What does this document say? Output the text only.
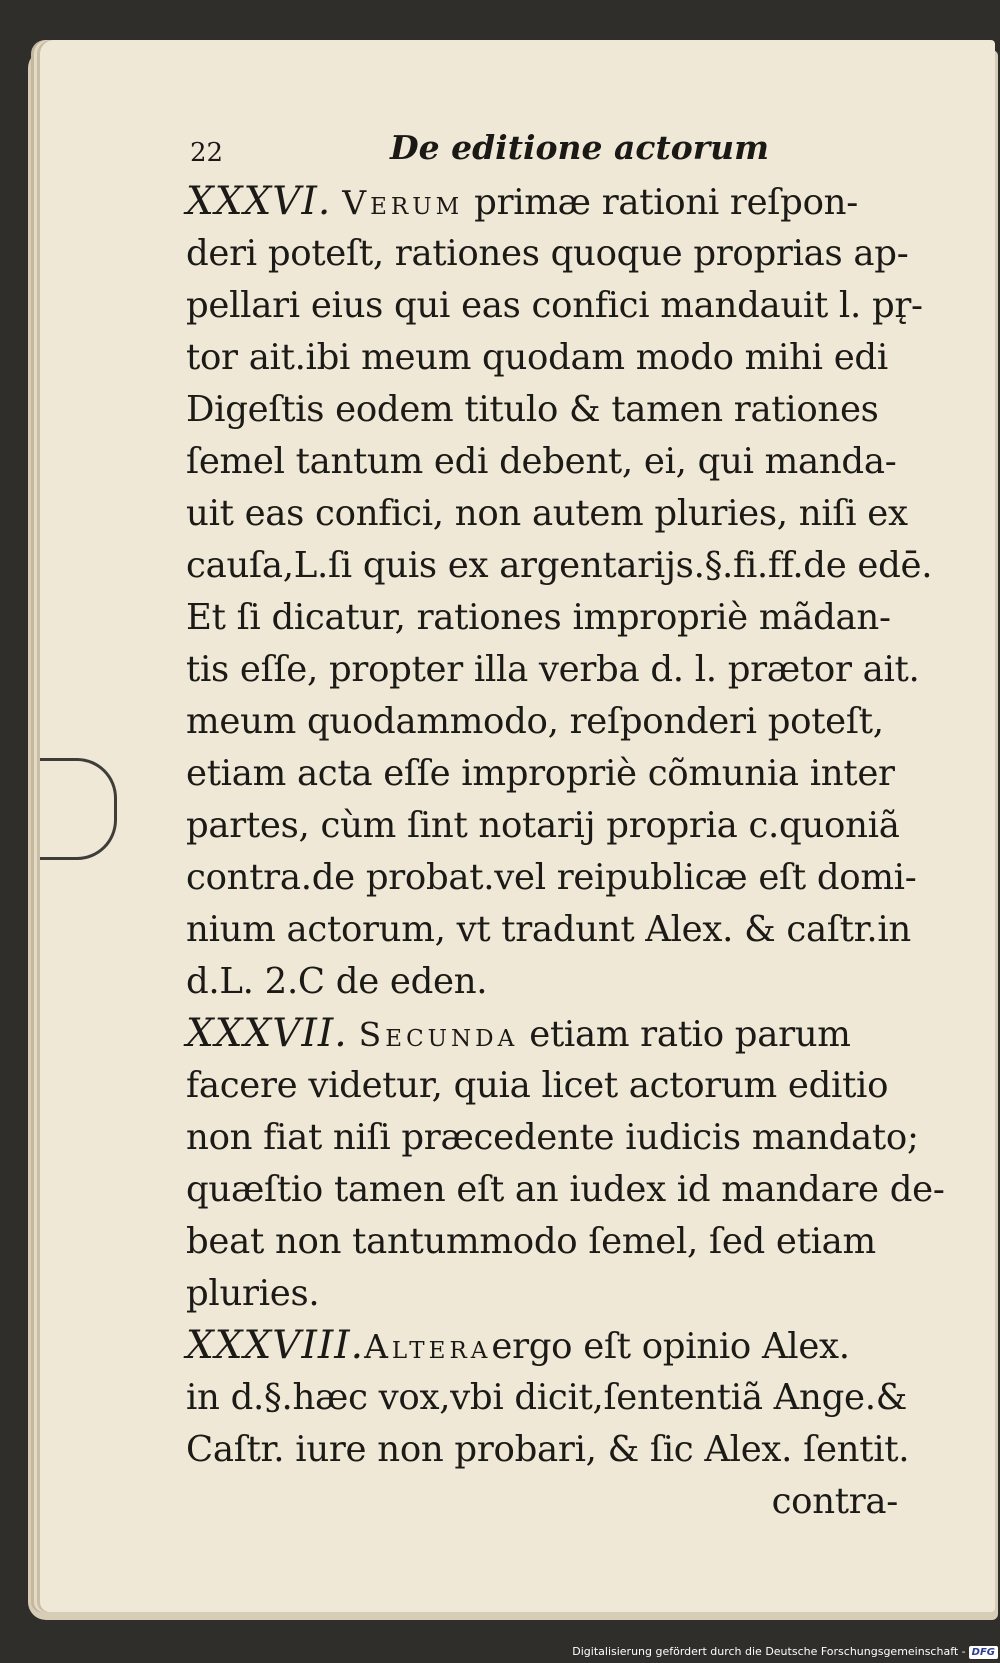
22	De editione actorum
XXXVI. Verum primæ rationi reſpon-
deri poteſt, rationes quoque proprias ap-
pellari eius qui eas confici mandauit l. pr̨-
tor ait.ibi meum quodam modo mihi edi
Digeſtis eodem titulo & tamen rationes
ſemel tantum edi debent, ei, qui manda-
uit eas confici, non autem pluries, niſi ex
cauſa,L.ſi quis ex argentarijs.§.fi.ff.de edē.
Et ſi dicatur, rationes impropriè mãdan-
tis eſſe, propter illa verba d. l. prætor ait.
meum quodammodo, reſponderi poteſt,
etiam acta eſſe impropriè cõmunia inter
partes, cùm ſint notarij propria c.quoniã
contra.de probat.vel reipublicæ eſt domi-
nium actorum, vt tradunt Alex. & caſtr.in
d.L. 2.C de eden.
XXXVII. Secunda etiam ratio parum
facere videtur, quia licet actorum editio
non fiat niſi præcedente iudicis mandato;
quæſtio tamen eſt an iudex id mandare de-
beat non tantummodo ſemel, ſed etiam
pluries.
XXXVIII.Alteraergo eſt opinio Alex.
in d.§.hæc vox,vbi dicit,ſententiã Ange.&
Caſtr. iure non probari, & ſic Alex. ſentit.
contra-
Digitalisierung gefördert durch die Deutsche Forschungsgemeinschaft - DFG
